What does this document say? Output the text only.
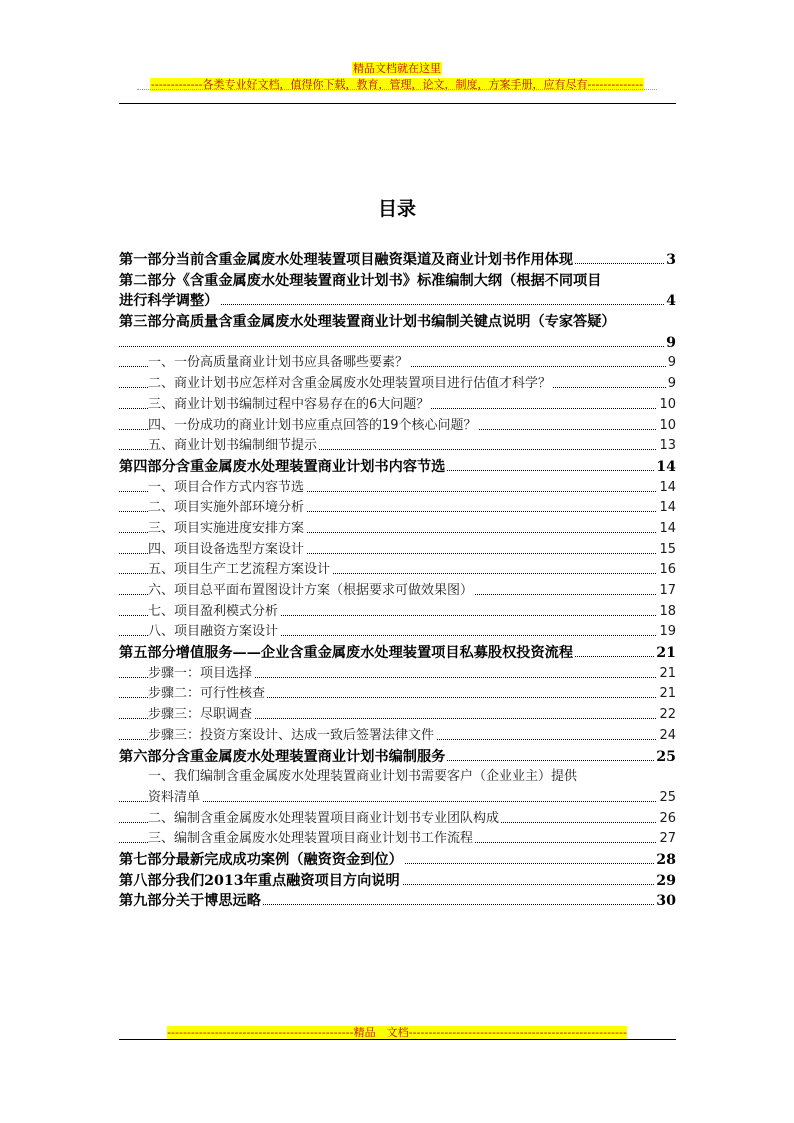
精品文档就在这里
-------------各类专业好文档，值得你下载，教育，管理，论文，制度，方案手册，应有尽有--------------
目录
第一部分当前含重金属废水处理装置项目融资渠道及商业计划书作用体现	3
第二部分《含重金属废水处理装置商业计划书》标准编制大纲（根据不同项目
进行科学调整）	4
第三部分高质量含重金属废水处理装置商业计划书编制关键点说明（专家答疑）
9
一、一份高质量商业计划书应具备哪些要素？	9
二、商业计划书应怎样对含重金属废水处理装置项目进行估值才科学？	9
三、商业计划书编制过程中容易存在的6大问题？	10
四、一份成功的商业计划书应重点回答的19个核心问题？	10
五、商业计划书编制细节提示	13
第四部分含重金属废水处理装置商业计划书内容节选	14
一、项目合作方式内容节选	14
二、项目实施外部环境分析	14
三、项目实施进度安排方案	14
四、项目设备选型方案设计	15
五、项目生产工艺流程方案设计	16
六、项目总平面布置图设计方案（根据要求可做效果图）	17
七、项目盈利模式分析	18
八、项目融资方案设计	19
第五部分增值服务——企业含重金属废水处理装置项目私募股权投资流程	21
步骤一：项目选择	21
步骤二：可行性核查	21
步骤三：尽职调查	22
步骤三：投资方案设计、达成一致后签署法律文件	24
第六部分含重金属废水处理装置商业计划书编制服务	25
一、我们编制含重金属废水处理装置商业计划书需要客户（企业业主）提供
资料清单	25
二、编制含重金属废水处理装置项目商业计划书专业团队构成	26
三、编制含重金属废水处理装置项目商业计划书工作流程	27
第七部分最新完成成功案例（融资资金到位）	28
第八部分我们2013年重点融资项目方向说明	29
第九部分关于博思远略	30
-----------------------------------------------精品　文档-------------------------------------------------------
